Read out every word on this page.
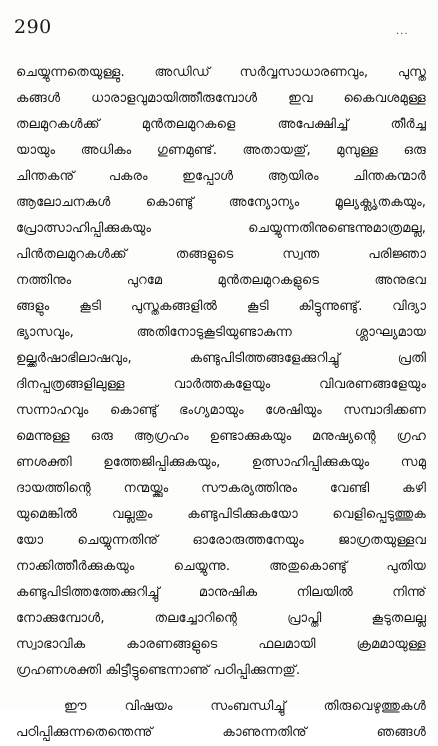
290	...
ചെയ്യുന്നതെയുള്ളു. അഡിഡ്‌ സർവ്വസാധാരണവും, പുസ്ത
കങ്ങൾ ധാരാളവുമായിത്തീരുമ്പോൾ ഇവ കൈവശമുള്ള
തലമുറകൾക്ക് മുൻതലമുറകളെ അപേക്ഷിച്ച് തീർച്ച
യായും അധികം ഗുണമുണ്ട്. അതായതു്, മുമ്പുള്ള ഒരു
ചിന്തകനു് പകരം ഇപ്പോൾ ആയിരം ചിന്തകന്മാർ
ആലോചനകൾ കൊണ്ടു് അന്യോന്യം മൂല്യക്ലൃതകയും,
പ്രോത്സാഹിപ്പിക്കുകയും ചെയ്യുന്നതിനുണ്ടെന്നുമാത്രമല്ല,
പിൻതലമുറകൾക്ക് തങ്ങളുടെ സ്വന്ത പരിജ്ഞാ
നത്തിനും പുറമേ മുൻതലമുറകളുടെ അനുഭവ
ങ്ങളും കൂടി പുസ്തകങ്ങളിൽ കൂടി കിട്ടുന്നുണ്ടു്. വിദ്യാ
ഭ്യാസവും, അതിനോടുകൂടിയുണ്ടാകുന്ന ശ്ലാഘ്യമായ
ഉല്ക്കർഷാഭിലാഷവും, കണ്ടുപിടിത്തങ്ങളേക്കുറിച്ചു് പ്രതി
ദിനപ്പത്രങ്ങളിലുള്ള വാർത്തകളേയും വിവരണങ്ങളേയും
സന്നാഹവും കൊണ്ടു് ഭംഗ്യമായും ശേഷിയും സമ്പാദിക്കണ
മെന്നുള്ള ഒരു ആഗ്രഹം ഉണ്ടാക്കുകയും മനുഷ്യന്റെ ഗ്രഹ
ണശക്തി ഉത്തേജിപ്പിക്കുകയും, ഉത്സാഹിപ്പിക്കുകയും സമു
ദായത്തിന്റെ നന്മയ്ക്കും സൗകര്യത്തിനും വേണ്ടി കഴി
യുമെങ്കിൽ വല്ലതും കണ്ടുപിടിക്കുകയോ വെളിപ്പെടുത്തുക
യോ ചെയ്യുന്നതിനു് ഓരോരുത്തനേയും ജാഗ്രതയുള്ളവ
നാക്കിത്തീർക്കുകയും ചെയ്യുന്നു. അതുകൊണ്ടു് പുതിയ
കണ്ടുപിടിത്തത്തേക്കുറിച്ചു് മാനുഷിക നിലയിൽ നിന്നു്
നോക്കുമ്പോൾ, തലച്ചോറിന്റെ പ്രാപ്തി കൂടുതലല്ല
സ്വാഭാവിക കാരണങ്ങളുടെ ഫലമായി ക്രമമായുള്ള
ഗ്രഹണശക്തി കിട്ടീട്ടുണ്ടെന്നാണു് പഠിപ്പിക്കുന്നതു്.
ഈ വിഷയം സംബന്ധിച്ചു് തിരുവെഴുത്തുകൾ
പഠിപ്പിക്കുന്നതെന്തെന്നു് കാണുന്നതിനു് ഞങ്ങൾ
